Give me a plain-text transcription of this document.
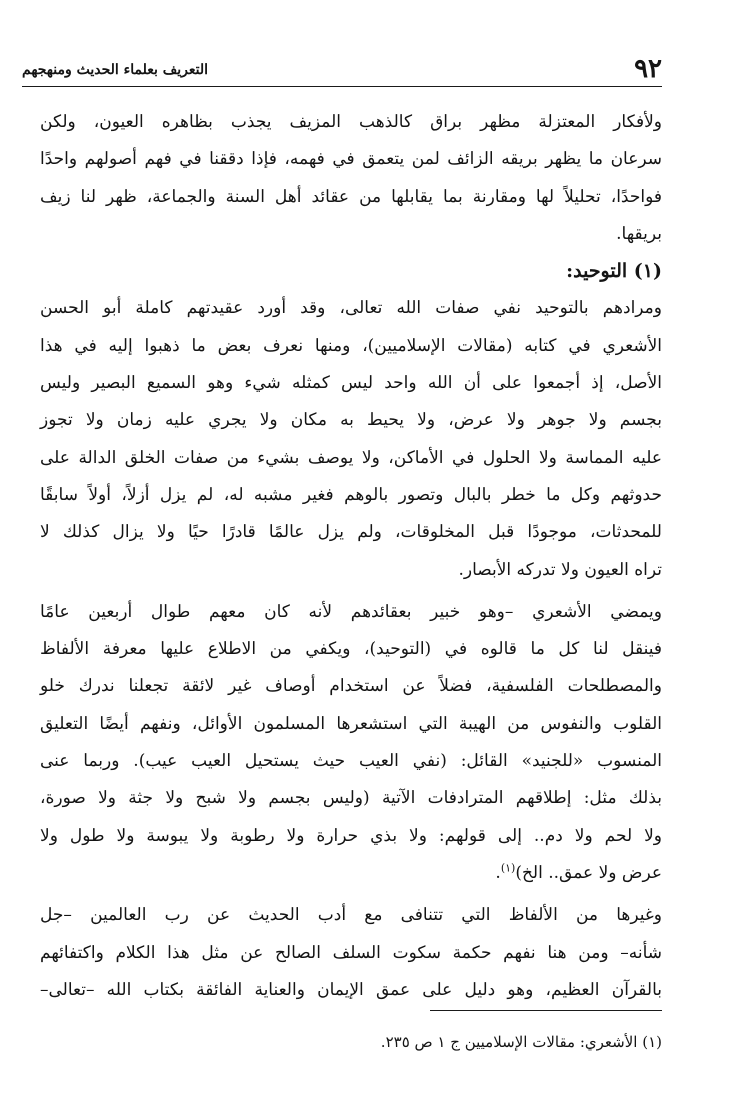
٩٢
التعريف بعلماء الحديث ومنهجهم
ولأفكار المعتزلة مظهر براق كالذهب المزيف يجذب بظاهره العيون، ولكن
سرعان ما يظهر بريقه الزائف لمن يتعمق في فهمه، فإذا دققنا في فهم أصولهم واحدًا
فواحدًا، تحليلاً لها ومقارنة بما يقابلها من عقائد أهل السنة والجماعة، ظهر لنا زيف
بريقها.
(١) التوحيد:
ومرادهم بالتوحيد نفي صفات الله تعالى، وقد أورد عقيدتهم كاملة أبو الحسن
الأشعري في كتابه (مقالات الإسلاميين)، ومنها نعرف بعض ما ذهبوا إليه في هذا
الأصل، إذ أجمعوا على أن الله واحد ليس كمثله شيء وهو السميع البصير وليس
بجسم ولا جوهر ولا عرض، ولا يحيط به مكان ولا يجري عليه زمان ولا تجوز
عليه المماسة ولا الحلول في الأماكن، ولا يوصف بشيء من صفات الخلق الدالة على
حدوثهم وكل ما خطر بالبال وتصور بالوهم فغير مشبه له، لم يزل أزلاً، أولاً سابقًا
للمحدثات، موجودًا قبل المخلوقات، ولم يزل عالمًا قادرًا حيًا ولا يزال كذلك لا
تراه العيون ولا تدركه الأبصار.
ويمضي الأشعري –وهو خبير بعقائدهم لأنه كان معهم طوال أربعين عامًا
فينقل لنا كل ما قالوه في (التوحيد)، ويكفي من الاطلاع عليها معرفة الألفاظ
والمصطلحات الفلسفية، فضلاً عن استخدام أوصاف غير لائقة تجعلنا ندرك خلو
القلوب والنفوس من الهيبة التي استشعرها المسلمون الأوائل، ونفهم أيضًا التعليق
المنسوب «للجنيد» القائل: (نفي العيب حيث يستحيل العيب عيب). وربما عنى
بذلك مثل: إطلاقهم المترادفات الآتية (وليس بجسم ولا شبح ولا جثة ولا صورة،
ولا لحم ولا دم.. إلى قولهم: ولا بذي حرارة ولا رطوبة ولا يبوسة ولا طول ولا
عرض ولا عمق.. الخ)$^{(١)}$.
وغيرها من الألفاظ التي تتنافى مع أدب الحديث عن رب العالمين –جل
شأنه– ومن هنا نفهم حكمة سكوت السلف الصالح عن مثل هذا الكلام واكتفائهم
بالقرآن العظيم، وهو دليل على عمق الإيمان والعناية الفائقة بكتاب الله –تعالى–
(١) الأشعري: مقالات الإسلاميين ج ١ ص ٢٣٥.
